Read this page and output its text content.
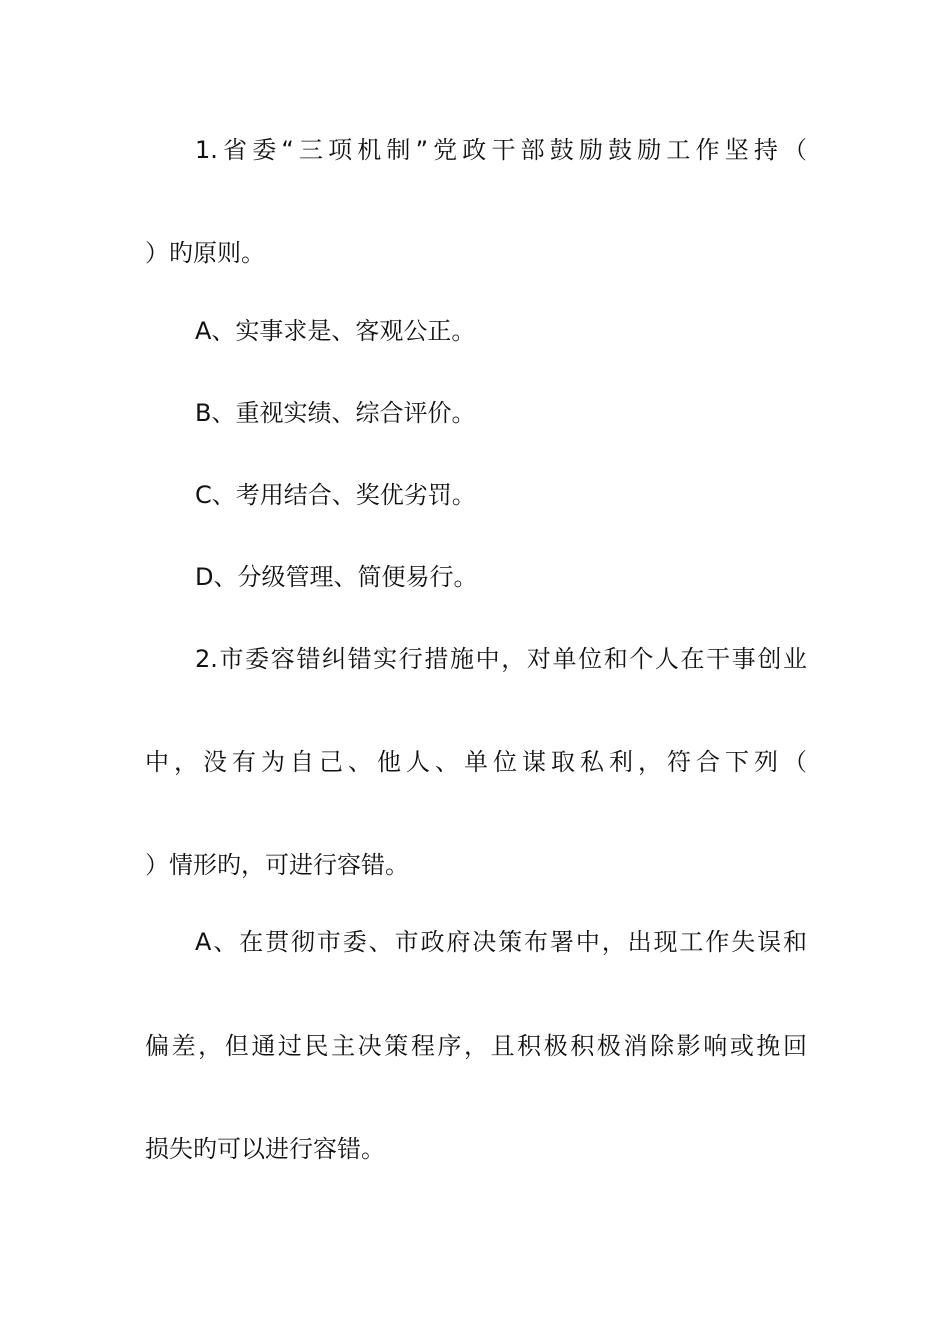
1.省委“三项机制”党政干部鼓励鼓励工作坚持（
）旳原则。
A、实事求是、客观公正。
B、重视实绩、综合评价。
C、考用结合、奖优劣罚。
D、分级管理、简便易行。
2.市委容错纠错实行措施中，对单位和个人在干事创业
中，没有为自己、他人、单位谋取私利，符合下列（
）情形旳，可进行容错。
A、在贯彻市委、市政府决策布署中，出现工作失误和
偏差，但通过民主决策程序，且积极积极消除影响或挽回
损失旳可以进行容错。
